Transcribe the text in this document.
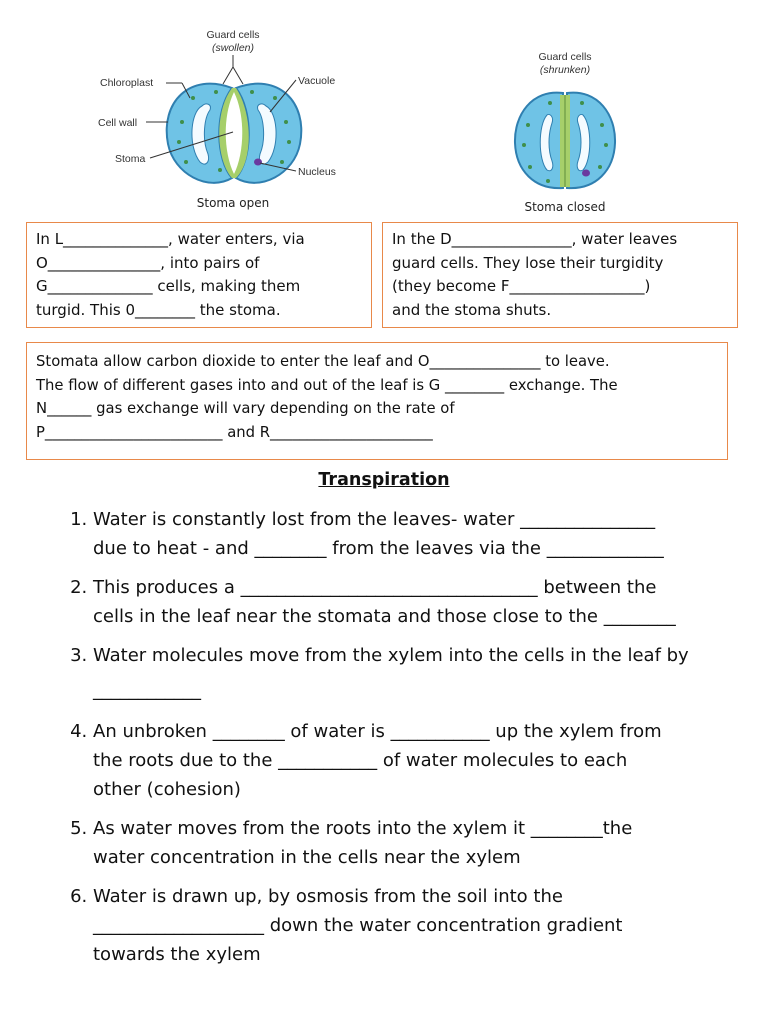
Guard cells
(swollen)
Chloroplast	Vacuole
Cell wall
Stoma
Nucleus
Stoma open
Guard cells
(shrunken)
Stoma closed

In L______________, water enters, via

O_______________, into pairs of

G______________ cells, making them

turgid. This 0________ the stoma.

In the D________________, water leaves

guard cells. They lose their turgidity

(they become F__________________)

and the stoma shuts.

Stomata allow carbon dioxide to enter the leaf and O_______________ to leave.

The flow of different gases into and out of the leaf is G ________ exchange. The

N______ gas exchange will vary depending on the rate of

P________________________ and R______________________

Transpiration
1. Water is constantly lost from the leaves- water _______________
due to heat - and ________ from the leaves via the _____________
2. This produces a _________________________________ between the
cells in the leaf near the stomata and those close to the ________
3. Water molecules move from the xylem into the cells in the leaf by
____________
4. An unbroken ________ of water is ___________ up the xylem from
the roots due to the ___________ of water molecules to each
other (cohesion)
5. As water moves from the roots into the xylem it ________the
water concentration in the cells near the xylem
6. Water is drawn up, by osmosis from the soil into the
___________________ down the water concentration gradient
towards the xylem
